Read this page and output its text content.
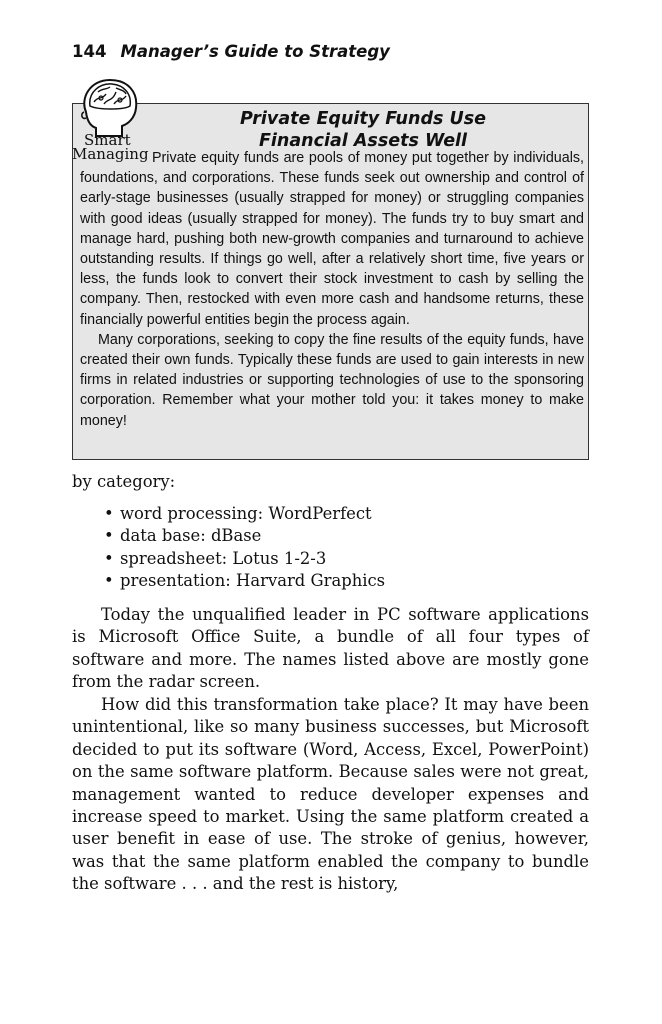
144 Manager’s Guide to Strategy
Private Equity Funds Use Financial Assets Well

Private equity funds are pools of money put together by individuals, foundations, and corporations. These funds seek out ownership and control of early-stage businesses (usually strapped for money) or struggling companies with good ideas (usually strapped for money). The funds try to buy smart and manage hard, pushing both new-growth companies and turnaround to achieve outstanding results. If things go well, after a relatively short time, five years or less, the funds look to convert their stock investment to cash by selling the company. Then, restocked with even more cash and handsome returns, these financially powerful entities begin the process again.

Many corporations, seeking to copy the fine results of the equity funds, have created their own funds. Typically these funds are used to gain interests in new firms in related industries or supporting technologies of use to the sponsoring corporation. Remember what your mother told you: it takes money to make money!

Smart
Managing

by category:

• word processing: WordPerfect
• data base: dBase
• spreadsheet: Lotus 1-2-3
• presentation: Harvard Graphics

Today the unqualified leader in PC software applications is Microsoft Office Suite, a bundle of all four types of software and more. The names listed above are mostly gone from the radar screen.

How did this transformation take place? It may have been unintentional, like so many business successes, but Microsoft decided to put its software (Word, Access, Excel, PowerPoint) on the same software platform. Because sales were not great, management wanted to reduce developer expenses and increase speed to market. Using the same platform created a user benefit in ease of use. The stroke of genius, however, was that the same platform enabled the company to bundle the software . . . and the rest is history,
